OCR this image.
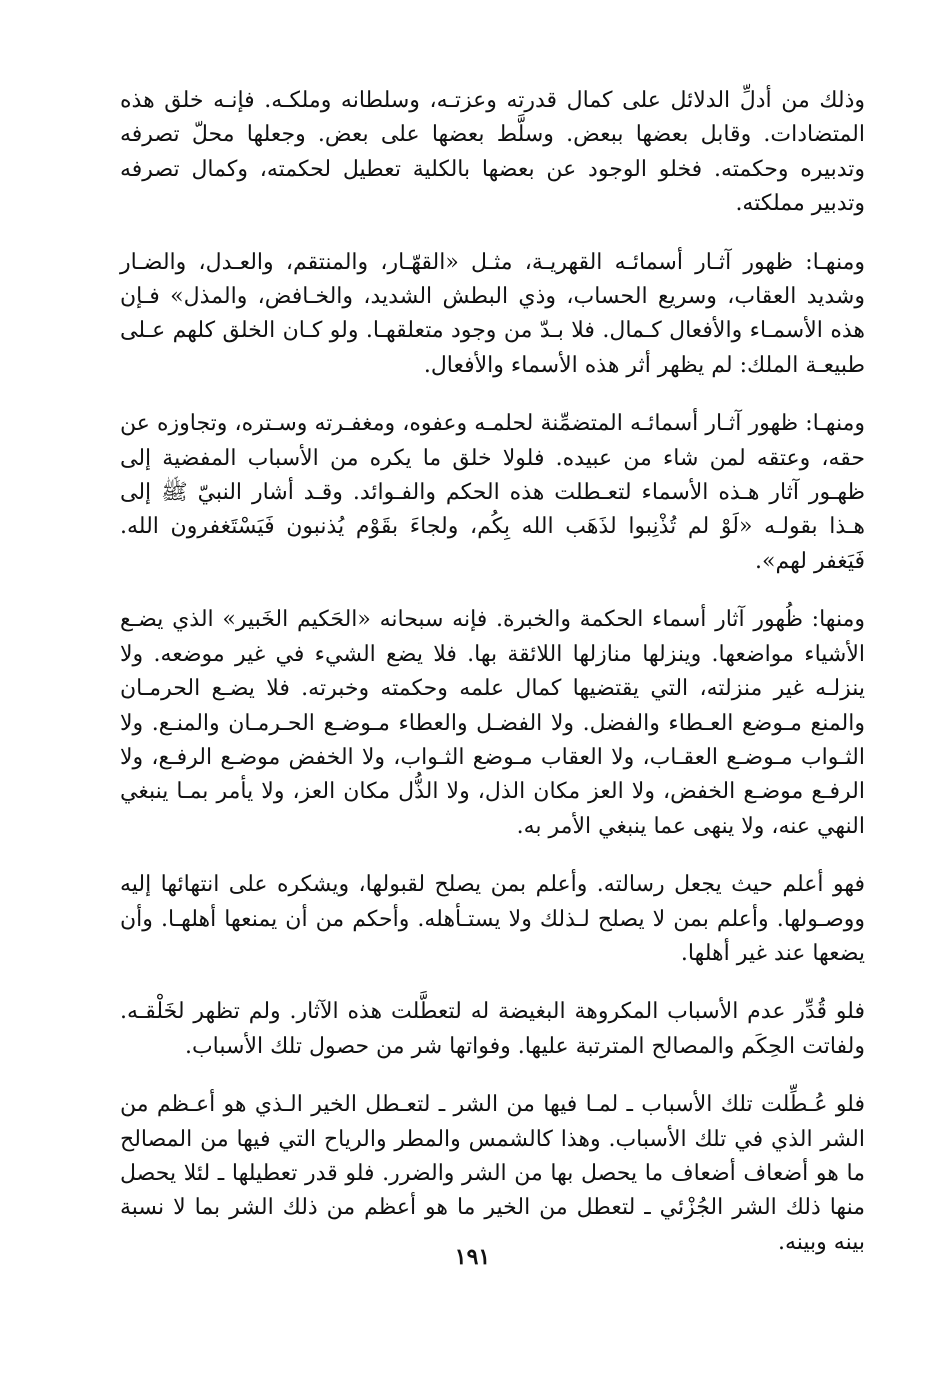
وذلك من أدلِّ الدلائل على كمال قدرته وعزتـه، وسلطانه وملكـه. فإنـه خلق هذه المتضادات. وقابل بعضها ببعض. وسلَّط بعضها على بعض. وجعلها محلّ تصرفه وتدبيره وحكمته. فخلو الوجود عن بعضها بالكلية تعطيل لحكمته، وكمال تصرفه وتدبير مملكته.

ومنهـا: ظهور آثـار أسمائـه القهريـة، مثـل «القهّـار، والمنتقم، والعـدل، والضـار وشديد العقاب، وسريع الحساب، وذي البطش الشديد، والخـافض، والمذل» فـإن هذه الأسمـاء والأفعال كـمال. فلا بـدّ من وجود متعلقهـا. ولو كـان الخلق كلهم عـلى طبيعـة الملك: لم يظهر أثر هذه الأسماء والأفعال.

ومنهـا: ظهور آثـار أسمائـه المتضمِّنة لحلمـه وعفوه، ومغفـرته وسـتره، وتجاوزه عن حقه، وعتقه لمن شاء من عبيده. فلولا خلق ما يكره من الأسباب المفضية إلى ظهـور آثار هـذه الأسماء لتعـطلت هذه الحكم والفـوائد. وقـد أشار النبيّ ﷺ إلى هـذا بقولـه «لَوْ لم تُذْنِبوا لذَهَب الله بِكُم، ولجاءَ بقَوْم يُذنبون فَيَسْتَغفرون الله. فَيَغفر لهم».

ومنها: ظُهور آثار أسماء الحكمة والخبرة. فإنه سبحانه «الحَكيم الخَبير» الذي يضـع الأشياء مواضعها. وينزلها منازلها اللائقة بها. فلا يضع الشيء في غير موضعه. ولا ينزلـه غير منزلته، التي يقتضيها كمال علمه وحكمته وخبرته. فلا يضـع الحرمـان والمنع مـوضع العـطاء والفضل. ولا الفضـل والعطاء مـوضـع الحـرمـان والمنـع. ولا الثـواب مـوضـع العقـاب، ولا العقاب مـوضع الثـواب، ولا الخفض موضـع الرفـع، ولا الرفـع موضـع الخفض، ولا العز مكان الذل، ولا الذُّل مكان العز، ولا يأمر بمـا ينبغي النهي عنه، ولا ينهى عما ينبغي الأمر به.

فهو أعلم حيث يجعل رسالته. وأعلم بمن يصلح لقبولها، ويشكره على انتهائها إليه ووصـولها. وأعلم بمن لا يصلح لـذلك ولا يستـأهله. وأحكم من أن يمنعها أهلهـا. وأن يضعها عند غير أهلها.

فلو قُدِّر عدم الأسباب المكروهة البغيضة له لتعطَّلت هذه الآثار. ولم تظهر لخَلْقـه. ولفاتت الحِكَم والمصالح المترتبة عليها. وفواتها شر من حصول تلك الأسباب.

فلو عُـطِّلت تلك الأسباب ـ لمـا فيها من الشر ـ لتعـطل الخير الـذي هو أعـظم من الشر الذي في تلك الأسباب. وهذا كالشمس والمطر والرياح التي فيها من المصالح ما هو أضعاف أضعاف ما يحصل بها من الشر والضرر. فلو قدر تعطيلها ـ لئلا يحصل منها ذلك الشر الجُزْئي ـ لتعطل من الخير ما هو أعظم من ذلك الشر بما لا نسبة بينه وبينه.

١٩١
